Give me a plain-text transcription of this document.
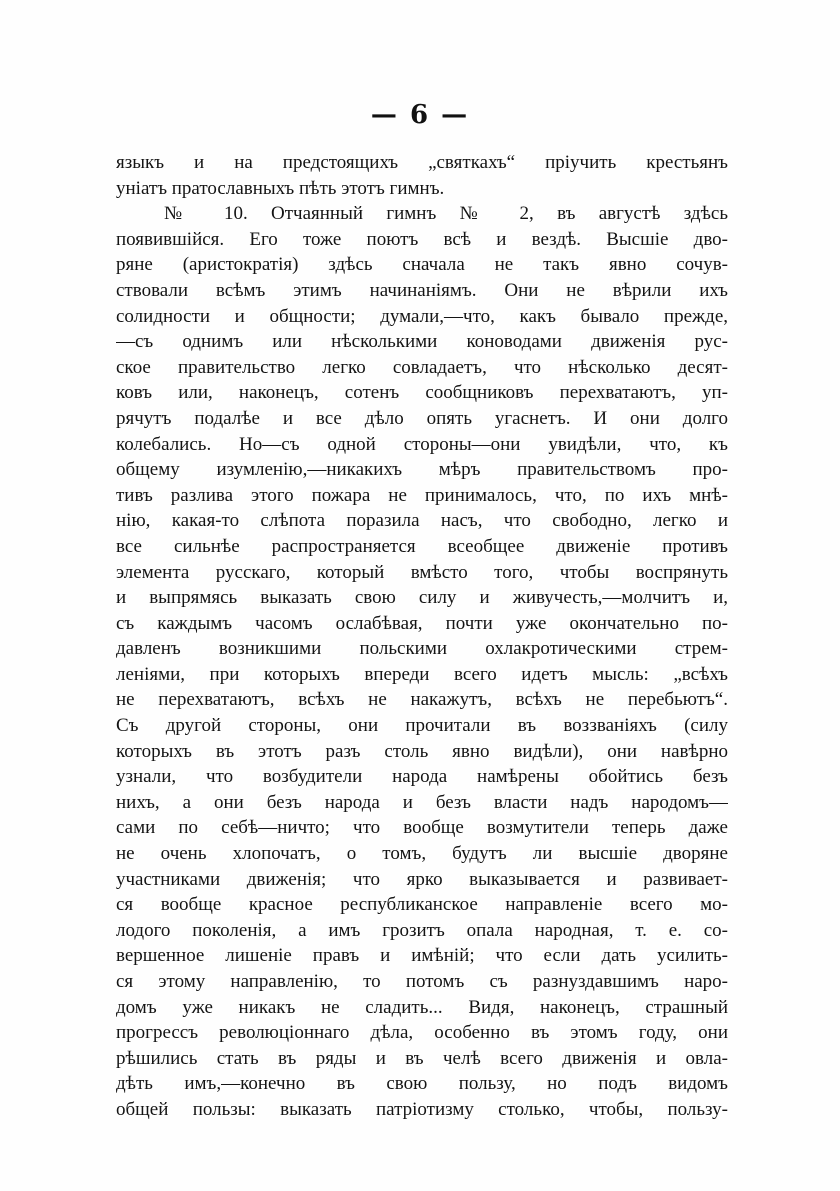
— 6 —
языкъ и на предстоящихъ „святкахъ“ пріучить крестьянъ
уніатъ пратославныхъ пѣть этотъ гимнъ.
№ 10. Отчаянный гимнъ № 2, въ августѣ здѣсь
появившійся. Его тоже поютъ всѣ и вездѣ. Высшіе дво-
ряне (аристократія) здѣсь сначала не такъ явно сочув-
ствовали всѣмъ этимъ начинаніямъ. Они не вѣрили ихъ
солидности и общности; думали,—что, какъ бывало прежде,
—съ однимъ или нѣсколькими коноводами движенія рус-
ское правительство легко совладаетъ, что нѣсколько десят-
ковъ или, наконецъ, сотенъ сообщниковъ перехватаютъ, уп-
рячутъ подалѣе и все дѣло опять угаснетъ. И они долго
колебались. Но—съ одной стороны—они увидѣли, что, къ
общему изумленію,—никакихъ мѣръ правительствомъ про-
тивъ разлива этого пожара не принималось, что, по ихъ мнѣ-
нію, какая-то слѣпота поразила насъ, что свободно, легко и
все сильнѣе распространяется всеобщее движеніе противъ
элемента русскаго, который вмѣсто того, чтобы воспрянуть
и выпрямясь выказать свою силу и живучесть,—молчитъ и,
съ каждымъ часомъ ослабѣвая, почти уже окончательно по-
давленъ возникшими польскими охлакротическими стрем-
леніями, при которыхъ впереди всего идетъ мысль: „всѣхъ
не перехватаютъ, всѣхъ не накажутъ, всѣхъ не перебьютъ“.
Съ другой стороны, они прочитали въ воззваніяхъ (силу
которыхъ въ этотъ разъ столь явно видѣли), они навѣрно
узнали, что возбудители народа намѣрены обойтись безъ
нихъ, а они безъ народа и безъ власти надъ народомъ—
сами по себѣ—ничто; что вообще возмутители теперь даже
не очень хлопочатъ, о томъ, будутъ ли высшіе дворяне
участниками движенія; что ярко выказывается и развивает-
ся вообще красное республиканское направленіе всего мо-
лодого поколенія, а имъ грозитъ опала народная, т. е. со-
вершенное лишеніе правъ и имѣній; что если дать усилить-
ся этому направленію, то потомъ съ разнуздавшимъ наро-
домъ уже никакъ не сладить... Видя, наконецъ, страшный
прогрессъ революціоннаго дѣла, особенно въ этомъ году, они
рѣшились стать въ ряды и въ челѣ всего движенія и овла-
дѣть имъ,—конечно въ свою пользу, но подъ видомъ
общей пользы: выказать патріотизму столько, чтобы, пользу-
